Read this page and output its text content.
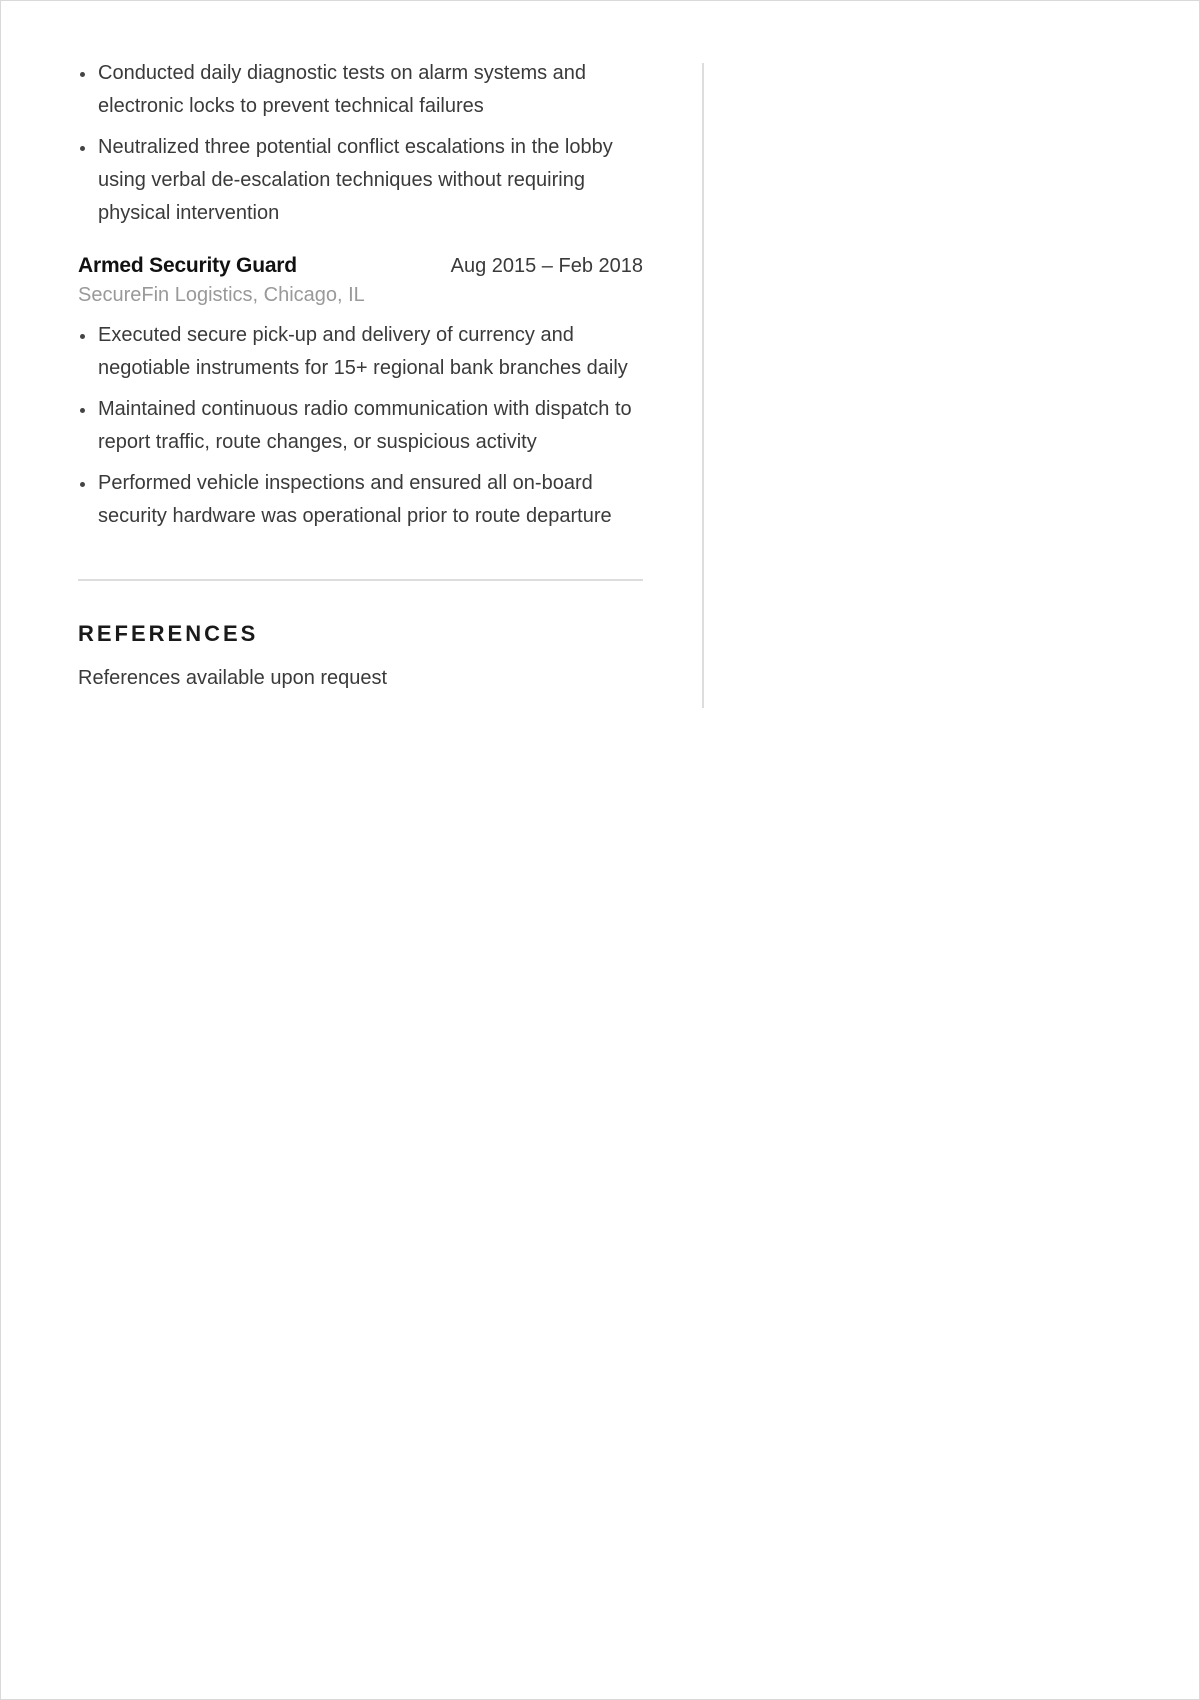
Conducted daily diagnostic tests on alarm systems and electronic locks to prevent technical failures
Neutralized three potential conflict escalations in the lobby using verbal de-escalation techniques without requiring physical intervention
Armed Security Guard	Aug 2015 – Feb 2018
SecureFin Logistics, Chicago, IL
Executed secure pick-up and delivery of currency and negotiable instruments for 15+ regional bank branches daily
Maintained continuous radio communication with dispatch to report traffic, route changes, or suspicious activity
Performed vehicle inspections and ensured all on-board security hardware was operational prior to route departure
REFERENCES
References available upon request
